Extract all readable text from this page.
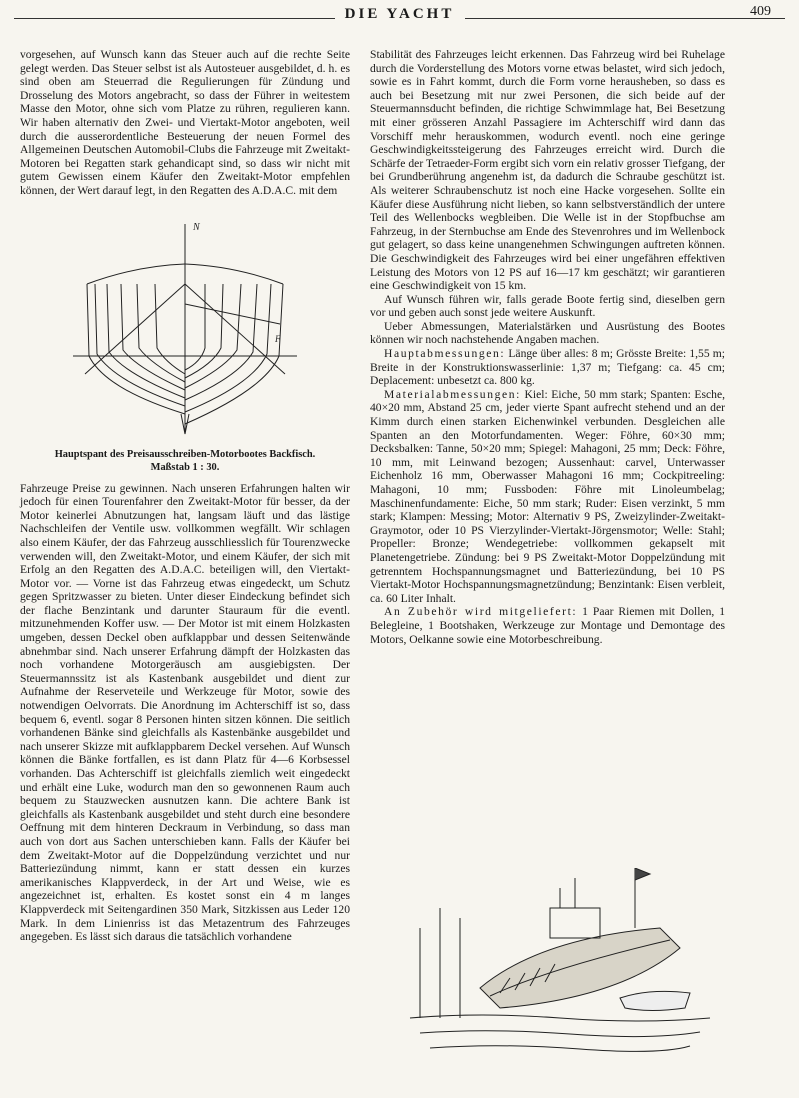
DIE YACHT	409

vorgesehen, auf Wunsch kann das Steuer auch auf die rechte Seite gelegt werden. Das Steuer selbst ist als Autosteuer ausgebildet, d. h. es sind oben am Steuerrad die Regulierungen für Zündung und Drosselung des Motors angebracht, so dass der Führer in weitestem Masse den Motor, ohne sich vom Platze zu rühren, regulieren kann. Wir haben alternativ den Zwei- und Viertakt-Motor angeboten, weil durch die ausserordentliche Besteuerung der neuen Formel des Allgemeinen Deutschen Automobil-Clubs die Fahrzeuge mit Zweitakt-Motoren bei Regatten stark gehandicapt sind, so dass wir nicht mit gutem Gewissen einem Käufer den Zweitakt-Motor empfehlen können, der Wert darauf legt, in den Regatten des A.D.A.C. mit dem

N
F
Hauptspant des Preisausschreiben-Motorbootes Backfisch.
Maßstab 1 : 30.

Fahrzeuge Preise zu gewinnen. Nach unseren Erfahrungen halten wir jedoch für einen Tourenfahrer den Zweitakt-Motor für besser, da der Motor keinerlei Abnutzungen hat, langsam läuft und das lästige Nachschleifen der Ventile usw. vollkommen wegfällt. Wir schlagen also einem Käufer, der das Fahrzeug ausschliesslich für Tourenzwecke verwenden will, den Zweitakt-Motor, und einem Käufer, der sich mit Erfolg an den Regatten des A.D.A.C. beteiligen will, den Viertakt-Motor vor. — Vorne ist das Fahrzeug etwas eingedeckt, um Schutz gegen Spritzwasser zu bieten. Unter dieser Eindeckung befindet sich der flache Benzintank und darunter Stauraum für die eventl. mitzunehmenden Koffer usw. — Der Motor ist mit einem Holzkasten umgeben, dessen Deckel oben aufklappbar und dessen Seitenwände abnehmbar sind. Nach unserer Erfahrung dämpft der Holzkasten das noch vorhandene Motorgeräusch am ausgiebigsten. Der Steuermannssitz ist als Kastenbank ausgebildet und dient zur Aufnahme der Reserveteile und Werkzeuge für Motor, sowie des notwendigen Oelvorrats. Die Anordnung im Achterschiff ist so, dass bequem 6, eventl. sogar 8 Personen hinten sitzen können. Die seitlich vorhandenen Bänke sind gleichfalls als Kastenbänke ausgebildet und nach unserer Skizze mit aufklappbarem Deckel versehen. Auf Wunsch können die Bänke fortfallen, es ist dann Platz für 4—6 Korbsessel vorhanden. Das Achterschiff ist gleichfalls ziemlich weit eingedeckt und erhält eine Luke, wodurch man den so gewonnenen Raum auch bequem zu Stauzwecken ausnutzen kann. Die achtere Bank ist gleichfalls als Kastenbank ausgebildet und steht durch eine besondere Oeffnung mit dem hinteren Deckraum in Verbindung, so dass man auch von dort aus Sachen unterschieben kann. Falls der Käufer bei dem Zweitakt-Motor auf die Doppelzündung verzichtet und nur Batteriezündung nimmt, kann er statt dessen ein kurzes amerikanisches Klappverdeck, in der Art und Weise, wie es angezeichnet ist, erhalten. Es kostet sonst ein 4 m langes Klappverdeck mit Seitengardinen 350 Mark, Sitzkissen aus Leder 120 Mark. In dem Linienriss ist das Metazentrum des Fahrzeuges angegeben. Es lässt sich daraus die tatsächlich vorhandene

Stabilität des Fahrzeuges leicht erkennen. Das Fahrzeug wird bei Ruhelage durch die Vorderstellung des Motors vorne etwas belastet, wird sich jedoch, sowie es in Fahrt kommt, durch die Form vorne herausheben, so dass es auch bei Besetzung mit nur zwei Personen, die sich beide auf der Steuermannsducht befinden, die richtige Schwimmlage hat, Bei Besetzung mit einer grösseren Anzahl Passagiere im Achterschiff wird dann das Vorschiff mehr herauskommen, wodurch eventl. noch eine geringe Geschwindigkeitssteigerung des Fahrzeuges erreicht wird. Durch die Schärfe der Tetraeder-Form ergibt sich vorn ein relativ grosser Tiefgang, der bei Grundberührung angenehm ist, da dadurch die Schraube geschützt ist. Als weiterer Schraubenschutz ist noch eine Hacke vorgesehen. Sollte ein Käufer diese Ausführung nicht lieben, so kann selbstverständlich der untere Teil des Wellenbocks wegbleiben. Die Welle ist in der Stopfbuchse am Fahrzeug, in der Sternbuchse am Ende des Stevenrohres und im Wellenbock gut gelagert, so dass keine unangenehmen Schwingungen auftreten können. Die Geschwindigkeit des Fahrzeuges wird bei einer ungefähren effektiven Leistung des Motors von 12 PS auf 16—17 km geschätzt; wir garantieren eine Geschwindigkeit von 15 km.

Auf Wunsch führen wir, falls gerade Boote fertig sind, dieselben gern vor und geben auch sonst jede weitere Auskunft.

Ueber Abmessungen, Materialstärken und Ausrüstung des Bootes können wir noch nachstehende Angaben machen.

Hauptabmessungen: Länge über alles: 8 m; Grösste Breite: 1,55 m; Breite in der Konstruktionswasserlinie: 1,37 m; Tiefgang: ca. 45 cm; Deplacement: unbesetzt ca. 800 kg.

Materialabmessungen: Kiel: Eiche, 50 mm stark; Spanten: Esche, 40×20 mm, Abstand 25 cm, jeder vierte Spant aufrecht stehend und an der Kimm durch einen starken Eichenwinkel verbunden. Desgleichen alle Spanten an den Motorfundamenten. Weger: Föhre, 60×30 mm; Decksbalken: Tanne, 50×20 mm; Spiegel: Mahagoni, 25 mm; Deck: Föhre, 10 mm, mit Leinwand bezogen; Aussenhaut: carvel, Unterwasser Eichenholz 16 mm, Oberwasser Mahagoni 16 mm; Cockpitreeling: Mahagoni, 10 mm; Fussboden: Föhre mit Linoleumbelag; Maschinenfundamente: Eiche, 50 mm stark; Ruder: Eisen verzinkt, 5 mm stark; Klampen: Messing; Motor: Alternativ 9 PS, Zweizylinder-Zweitakt-Graymotor, oder 10 PS Vierzylinder-Viertakt-Jörgensmotor; Welle: Stahl; Propeller: Bronze; Wendegetriebe: vollkommen gekapselt mit Planetengetriebe. Zündung: bei 9 PS Zweitakt-Motor Doppelzündung mit getrenntem Hochspannungsmagnet und Batteriezündung, bei 10 PS Viertakt-Motor Hochspannungsmagnetzündung; Benzintank: Eisen verbleit, ca. 60 Liter Inhalt.

An Zubehör wird mitgeliefert: 1 Paar Riemen mit Dollen, 1 Belegleine, 1 Bootshaken, Werkzeuge zur Montage und Demontage des Motors, Oelkanne sowie eine Motorbeschreibung.
